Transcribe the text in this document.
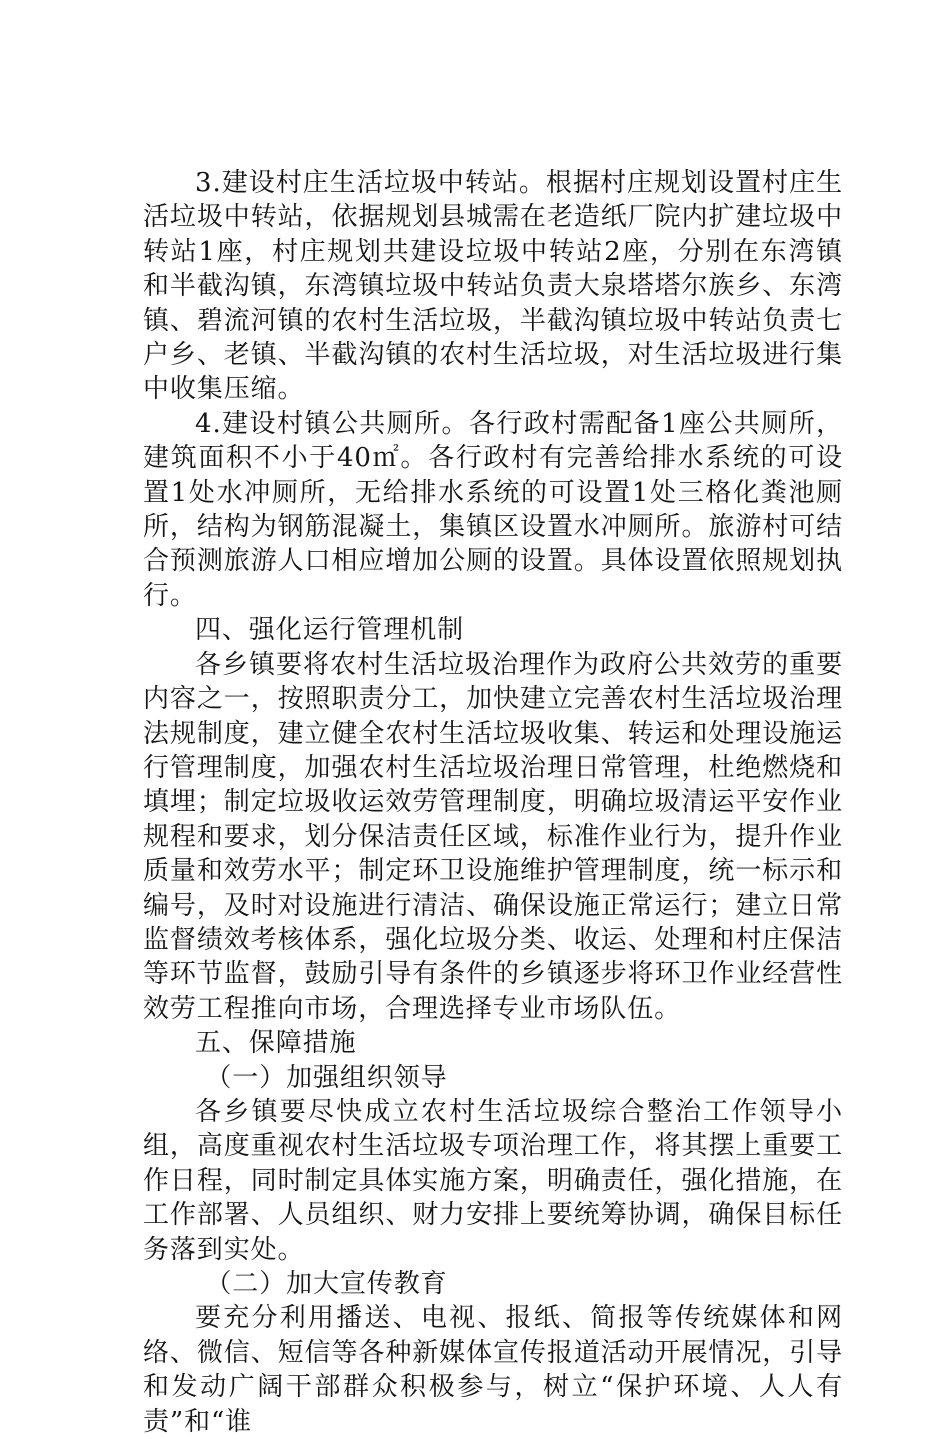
3.建设村庄生活垃圾中转站。根据村庄规划设置村庄生活垃圾中转站，依据规划县城需在老造纸厂院内扩建垃圾中转站1座，村庄规划共建设垃圾中转站2座，分别在东湾镇和半截沟镇，东湾镇垃圾中转站负责大泉塔塔尔族乡、东湾镇、碧流河镇的农村生活垃圾，半截沟镇垃圾中转站负责七户乡、老镇、半截沟镇的农村生活垃圾，对生活垃圾进行集中收集压缩。

4.建设村镇公共厕所。各行政村需配备1座公共厕所，建筑面积不小于40㎡。各行政村有完善给排水系统的可设置1处水冲厕所，无给排水系统的可设置1处三格化粪池厕所，结构为钢筋混凝土，集镇区设置水冲厕所。旅游村可结合预测旅游人口相应增加公厕的设置。具体设置依照规划执行。

四、强化运行管理机制

各乡镇要将农村生活垃圾治理作为政府公共效劳的重要内容之一，按照职责分工，加快建立完善农村生活垃圾治理法规制度，建立健全农村生活垃圾收集、转运和处理设施运行管理制度，加强农村生活垃圾治理日常管理，杜绝燃烧和填埋；制定垃圾收运效劳管理制度，明确垃圾清运平安作业规程和要求，划分保洁责任区域，标准作业行为，提升作业质量和效劳水平；制定环卫设施维护管理制度，统一标示和编号，及时对设施进行清洁、确保设施正常运行；建立日常监督绩效考核体系，强化垃圾分类、收运、处理和村庄保洁等环节监督，鼓励引导有条件的乡镇逐步将环卫作业经营性效劳工程推向市场，合理选择专业市场队伍。

五、保障措施

（一）加强组织领导

各乡镇要尽快成立农村生活垃圾综合整治工作领导小组，高度重视农村生活垃圾专项治理工作，将其摆上重要工作日程，同时制定具体实施方案，明确责任，强化措施，在工作部署、人员组织、财力安排上要统筹协调，确保目标任务落到实处。

（二）加大宣传教育

要充分利用播送、电视、报纸、简报等传统媒体和网络、微信、短信等各种新媒体宣传报道活动开展情况，引导和发动广阔干部群众积极参与，树立“保护环境、人人有责”和“谁
